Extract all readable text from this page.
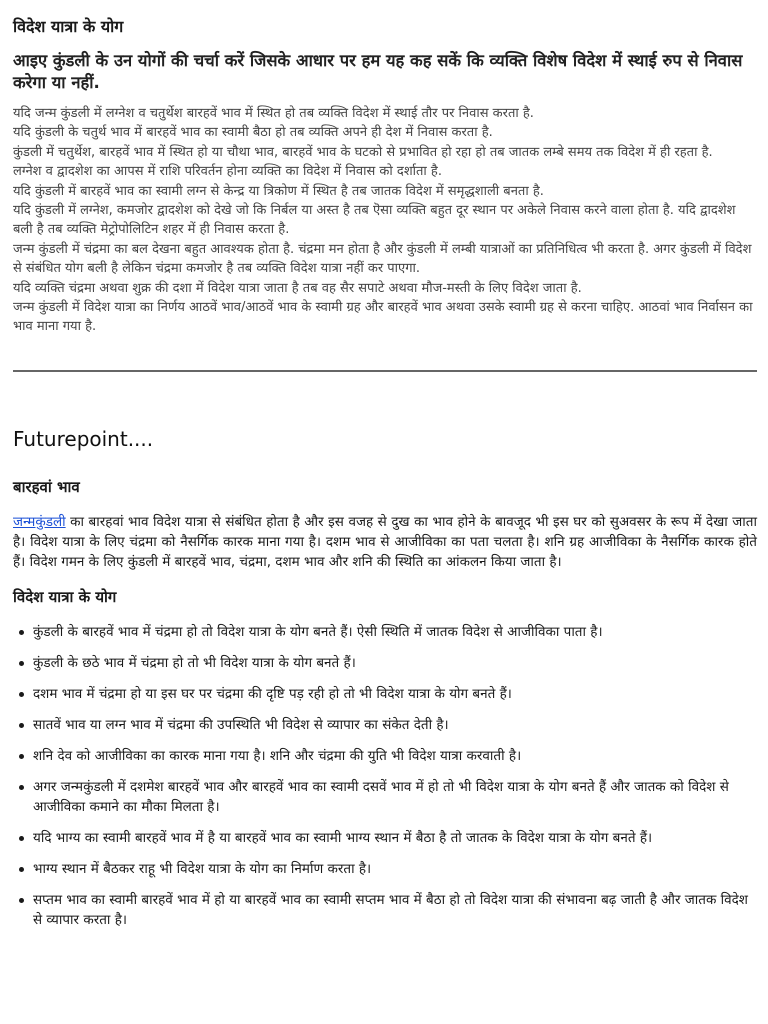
विदेश यात्रा के योग
आइए कुंडली के उन योगों की चर्चा करें जिसके आधार पर हम यह कह सकें कि व्यक्ति विशेष विदेश में स्थाई रुप से निवास करेगा या नहीं.
यदि जन्म कुंडली में लग्नेश व चतुर्थेश बारहवें भाव में स्थित हो तब व्यक्ति विदेश में स्थाई तौर पर निवास करता है.
यदि कुंडली के चतुर्थ भाव में बारहवें भाव का स्वामी बैठा हो तब व्यक्ति अपने ही देश में निवास करता है.
कुंडली में चतुर्थेश, बारहवें भाव में स्थित हो या चौथा भाव, बारहवें भाव के घटको से प्रभावित हो रहा हो तब जातक लम्बे समय तक विदेश में ही रहता है.
लग्नेश व द्वादशेश का आपस में राशि परिवर्तन होना व्यक्ति का विदेश में निवास को दर्शाता है.
यदि कुंडली में बारहवें भाव का स्वामी लग्न से केन्द्र या त्रिकोण में स्थित है तब जातक विदेश में समृद्धशाली बनता है.
यदि कुंडली में लग्नेश, कमजोर द्वादशेश को देखे जो कि निर्बल या अस्त है तब ऎसा व्यक्ति बहुत दूर स्थान पर अकेले निवास करने वाला होता है. यदि द्वादशेश बली है तब व्यक्ति मेट्रोपोलिटिन शहर में ही निवास करता है.
जन्म कुंडली में चंद्रमा का बल देखना बहुत आवश्यक होता है. चंद्रमा मन होता है और कुंडली में लम्बी यात्राओं का प्रतिनिधित्व भी करता है. अगर कुंडली में विदेश से संबंधित योग बली है लेकिन चंद्रमा कमजोर है तब व्यक्ति विदेश यात्रा नहीं कर पाएगा.
यदि व्यक्ति चंद्रमा अथवा शुक्र की दशा में विदेश यात्रा जाता है तब वह सैर सपाटे अथवा मौज-मस्ती के लिए विदेश जाता है.
जन्म कुंडली में विदेश यात्रा का निर्णय आठवें भाव/आठवें भाव के स्वामी ग्रह और बारहवें भाव अथवा उसके स्वामी ग्रह से करना चाहिए. आठवां भाव निर्वासन का भाव माना गया है.
Futurepoint....
बारहवां भाव

जन्मकुंडली का बारहवां भाव विदेश यात्रा से संबंधित होता है और इस वजह से दुख का भाव होने के बावजूद भी इस घर को सुअवसर के रूप में देखा जाता है। विदेश यात्रा के लिए चंद्रमा को नैसर्गिक कारक माना गया है। दशम भाव से आजीविका का पता चलता है। शनि ग्रह आजीविका के नैसर्गिक कारक होते हैं। विदेश गमन के लिए कुंडली में बारहवें भाव, चंद्रमा, दशम भाव और शनि की स्थिति का आंकलन किया जाता है।

विदेश यात्रा के योग
कुंडली के बारहवें भाव में चंद्रमा हो तो विदेश यात्रा के योग बनते हैं। ऐसी स्थिति में जातक विदेश से आजीविका पाता है।
कुंडली के छठे भाव में चंद्रमा हो तो भी विदेश यात्रा के योग बनते हैं।
दशम भाव में चंद्रमा हो या इस घर पर चंद्रमा की दृष्टि पड़ रही हो तो भी विदेश यात्रा के योग बनते हैं।
सातवें भाव या लग्न भाव में चंद्रमा की उपस्थिति भी विदेश से व्यापार का संकेत देती है।
शनि देव को आजीविका का कारक माना गया है। शनि और चंद्रमा की युति भी विदेश यात्रा करवाती है।
अगर जन्मकुंडली में दशमेश बारहवें भाव और बारहवें भाव का स्वामी दसवें भाव में हो तो भी विदेश यात्रा के योग बनते हैं और जातक को विदेश से आजीविका कमाने का मौका मिलता है।
यदि भाग्य का स्वामी बारहवें भाव में है या बारहवें भाव का स्वामी भाग्य स्थान में बैठा है तो जातक के विदेश यात्रा के योग बनते हैं।
भाग्य स्थान में बैठकर राहू भी विदेश यात्रा के योग का निर्माण करता है।
सप्तम भाव का स्वामी बारहवें भाव में हो या बारहवें भाव का स्वामी सप्तम भाव में बैठा हो तो विदेश यात्रा की संभावना बढ़ जाती है और जातक विदेश से व्यापार करता है।
